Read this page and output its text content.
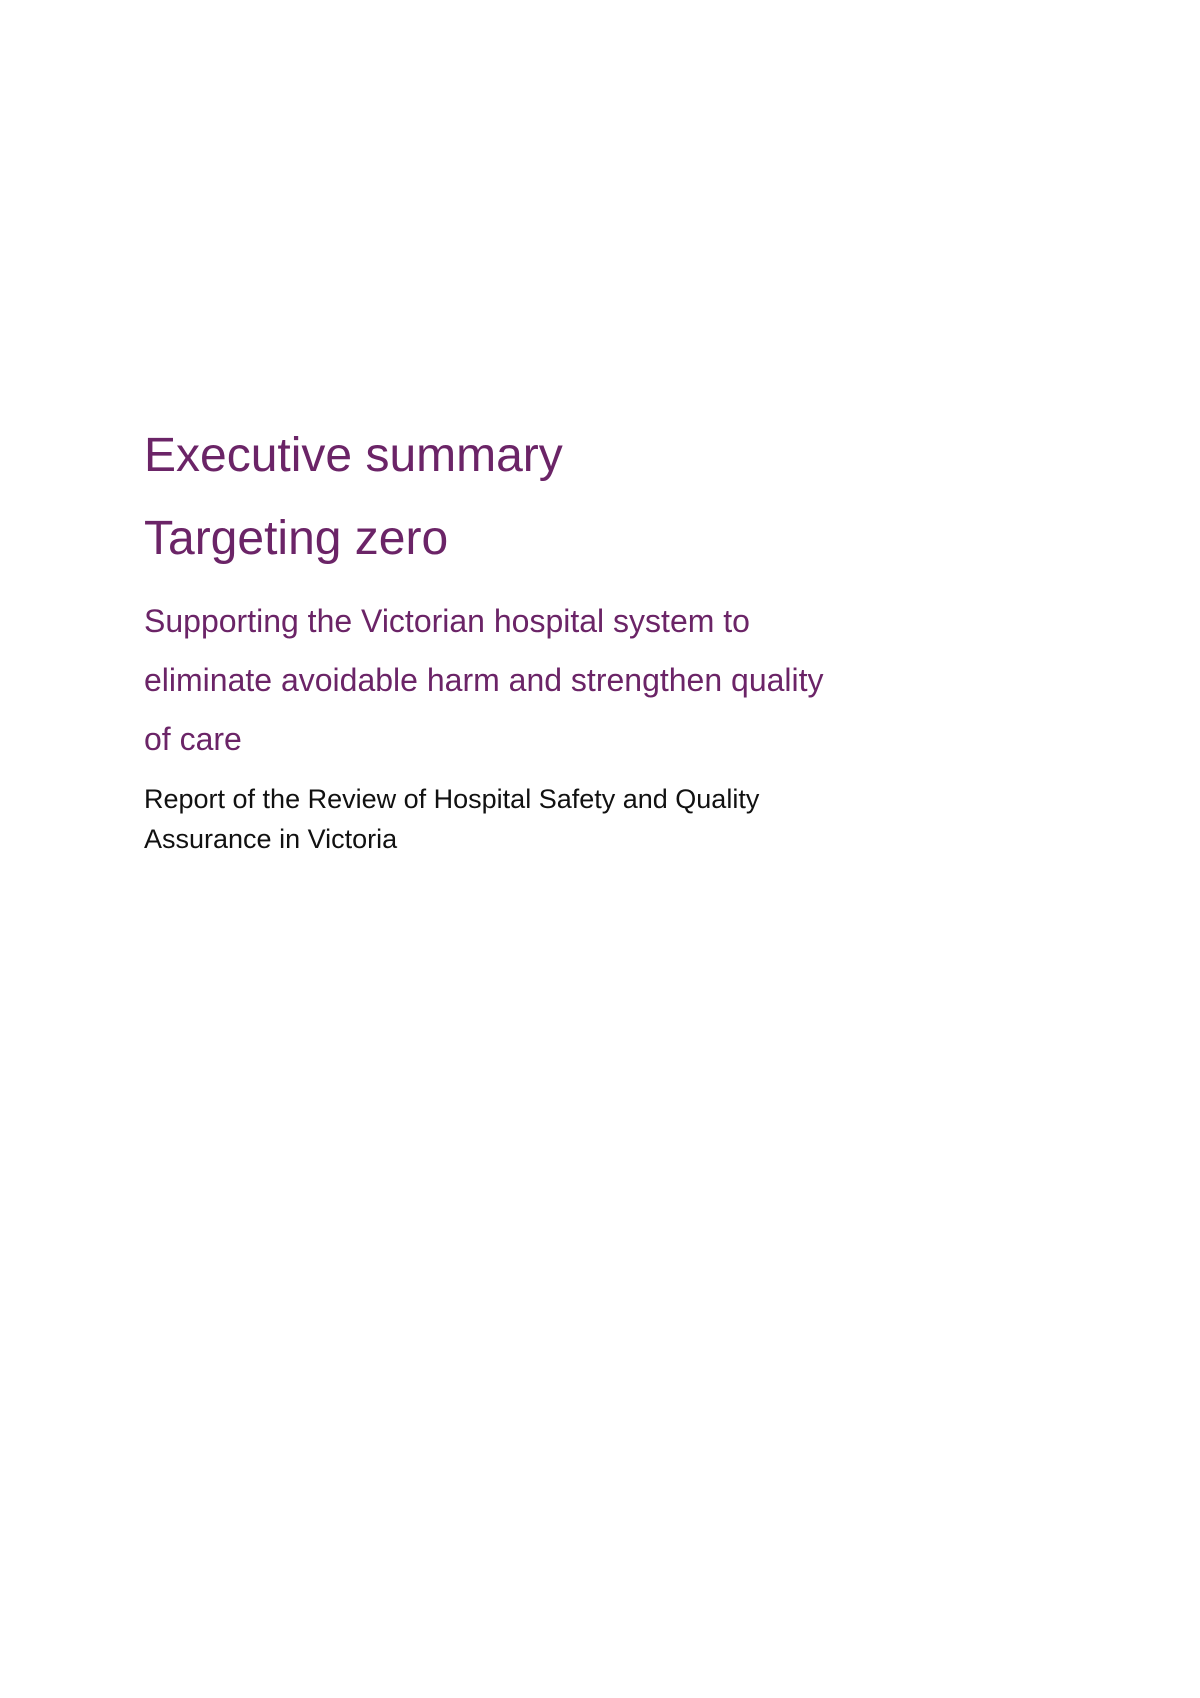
Executive summary
Targeting zero
Supporting the Victorian hospital system to
eliminate avoidable harm and strengthen quality
of care
Report of the Review of Hospital Safety and Quality
Assurance in Victoria
